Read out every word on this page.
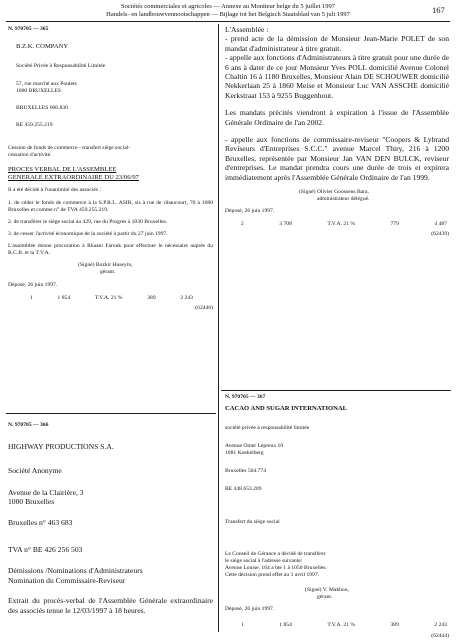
Sociétés commerciales et agricoles — Annexe au Moniteur belge du 5 juillet 1997
Handels- en landbouwvennootschappen — Bijlage tot het Belgisch Staatsblad van 5 juli 1997	167

N. 970705 — 365

B.Z.K. COMPANY

Société Privée à Responsabilité Limitée

57, rue marché aux Poulets

1000 BRUXELLES

BRUXELLES 606.830

BE 459.255.219

Cession de fonds de commerce - transfert siège social-

cessation d'activité.

PROCES VERBAL DE L'ASSEMBLEE

GENERALE EXTRAORDINAIRE DU 23/06/97

Il a été décidé à l'unanimité des associés :

1. de céder le fonds de commerce à la S.P.R.L. ASIR, sis à rue de ribaucourt, 70 à 1080 Bruxelles et comme n° de TVA 459.255.219.

2. de transférer le siège social au 429, rue du Progrès à 1030 Bruxelles.

3. de cesser l'activité économique de la société à partir du 27 juin 1997.

L'assemblée donne procuration à Rhaani Farouk pour effectuer le nécessaire auprès du R.C.B. et la T.V.A.

(Signé) Bozkir Huseyin,

gérant.

Déposé, 26 juin 1997.

1	1 854	T.V.A. 21 %	389	2 243

(62440)

N. 970705 — 366

HIGHWAY PRODUCTIONS S.A.

Société Anonyme

Avenue de la Clairière, 3

1000 Bruxelles

Bruxelles n° 463 683

TVA n° BE 426 256 503

Démissions /Nominations d'Administrateurs

Nomination du Commissaire-Reviseur

Extrait du procès-verbal de l'Assemblée Générale extraordinaire des associés tenue le 12/03/1997 à 18 heures.

L'Assemblée :

- prend acte de la démission de Monsieur Jean-Marie POLET de son mandat d'administrateur à titre gratuit.

- appelle aux fonctions d'Administrateurs à titre gratuit pour une durée de 6 ans à dater de ce jour Monsieur Yves POLL domicilié Avenue Colonel Chaltin 16 à 1180 Bruxelles, Monsieur Alain DE SCHOUWER domicilié Nekkerlaan 25 à 1860 Meise et Monsieur Luc VAN ASSCHE domicilié Kerkstraat 153 à 9255 Buggenhout.

Les mandats précités viendront à expiration à l'issue de l'Assemblée Générale Ordinaire de l'an 2002.

- appelle aux fonctions de commissaire-reviseur "Coopers & Lybrand Reviseurs d'Entreprises S.C.C." avenue Marcel Thiry, 216 à 1200 Bruxelles, représentée par Monsieur Jan VAN DEN BULCK, reviseur d'entreprises. Le mandat prendra cours une durée de trois et expirera immédiatement après l'Assemblée Générale Ordinaire de l'an 1999.

(Signé) Olivier Goossens Bara,

administrateur délégué.

Déposé, 26 juin 1997.

2	3 708	T.V.A. 21 %	779	4 487

(62439)

N. 970705 — 367

CACAO AND SUGAR INTERNATIONAL

société privée à responsabilité limitée

Avenue Omer Lepreux 10

1081 Koekelberg

Bruxelles 564.774

BE 448.653.209

Transfert du siège social

Le Conseil de Gérance a décidé de transférer

le siège social à l'adresse suivante:

Avenue Louise, 164 a bte 1 à 1050 Bruxelles.

Cette décision prend effet au 1 avril 1997.

(Signé) V. Makhou,

gérant.

Déposé, 26 juin 1997.

1	1 854	T.V.A. 21 %	389	2 243

(62444)
